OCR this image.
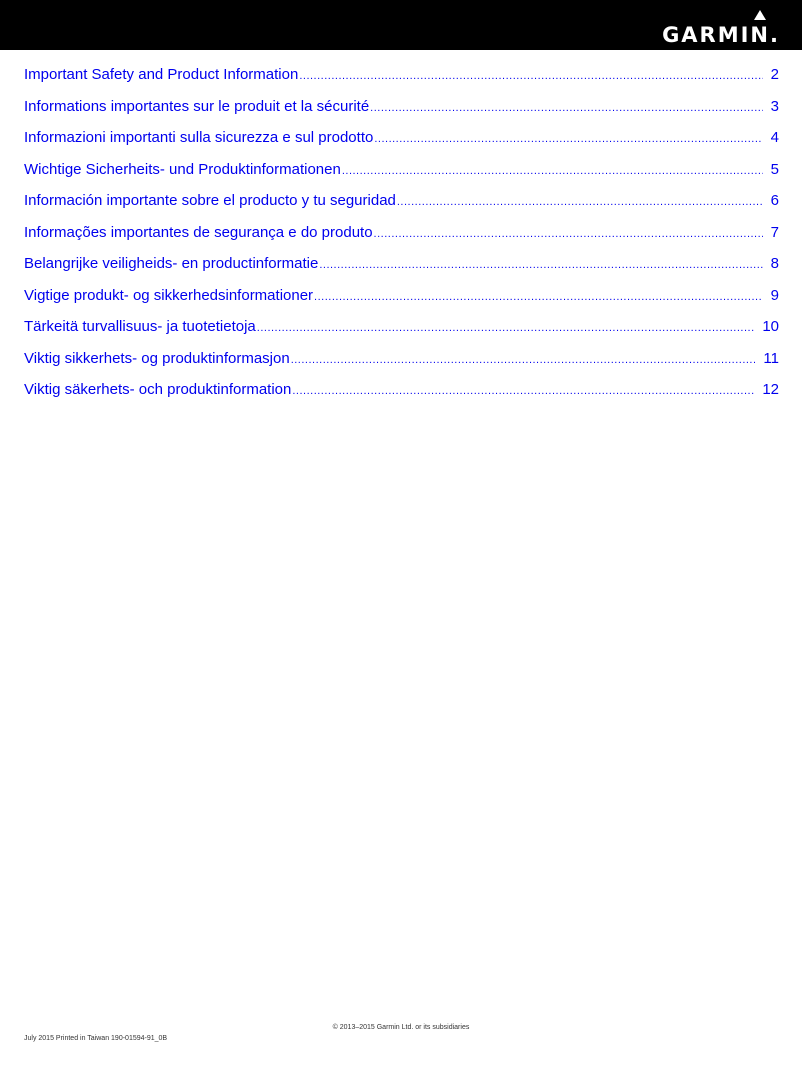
GARMIN.
Important Safety and Product Information .....	2
Informations importantes sur le produit et la sécurité .....	3
Informazioni importanti sulla sicurezza e sul prodotto .....	4
Wichtige Sicherheits- und Produktinformationen .....	5
Información importante sobre el producto y tu seguridad .....	6
Informações importantes de segurança e do produto .....	7
Belangrijke veiligheids- en productinformatie .....	8
Vigtige produkt- og sikkerhedsinformationer .....	9
Tärkeitä turvallisuus- ja tuotetietoja .....	10
Viktig sikkerhets- og produktinformasjon .....	11
Viktig säkerhets- och produktinformation .....	12
© 2013–2015 Garmin Ltd. or its subsidiaries
July 2015 Printed in Taiwan 190-01594-91_0B
